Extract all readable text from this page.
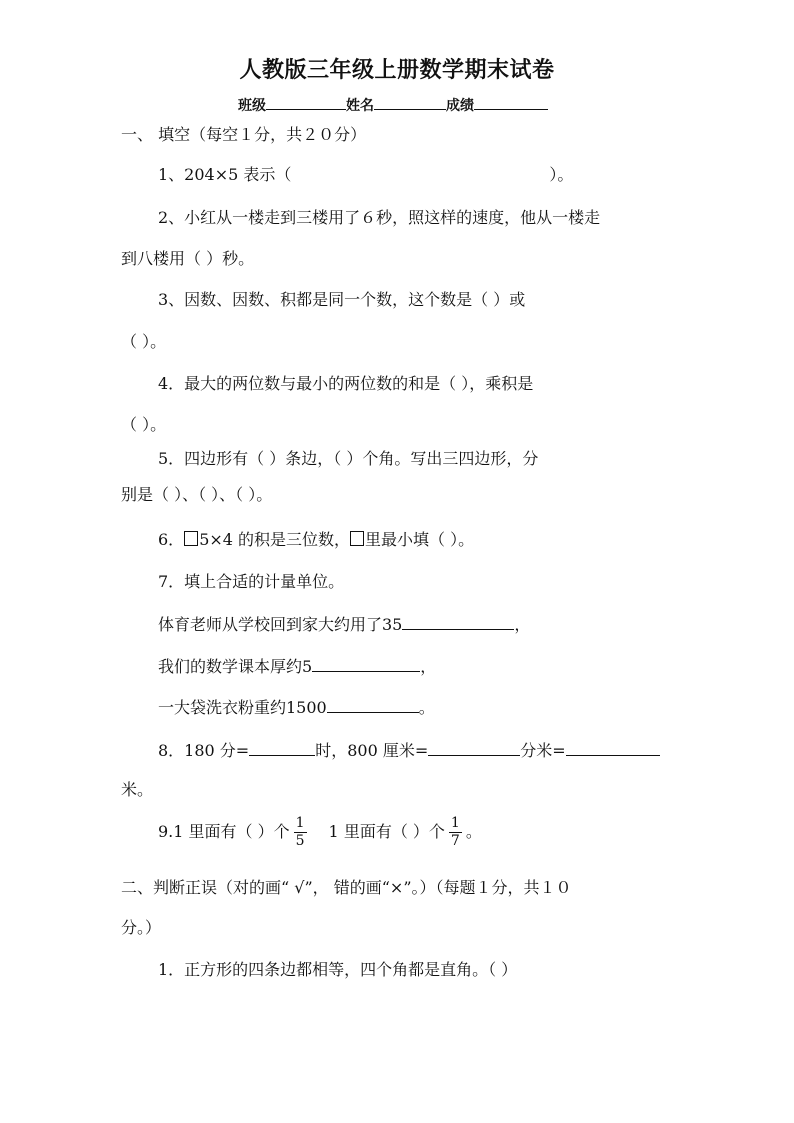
人教版三年级上册数学期末试卷
班级	姓名	成绩
一、 填空（每空１分，共２０分）
1、204×5 表示（	）。
2、小红从一楼走到三楼用了６秒，照这样的速度，他从一楼走
到八楼用（ ）秒。
3、因数、因数、积都是同一个数，这个数是（ ）或
（ ）。
4．最大的两位数与最小的两位数的和是（ ），乘积是
（ ）。
5．四边形有（ ）条边，（ ）个角。写出三四边形，分
别是（ ）、（ ）、（ ）。
6． 5×4 的积是三位数， 里最小填（ ）。
7．填上合适的计量单位。
体育老师从学校回到家大约用了35	，
我们的数学课本厚约5	，
一大袋洗衣粉重约1500	。
8．180 分=	时，800 厘米=	分米=
米。
9.1 里面有（ ）个 $\frac{1}{5} 1$ 里面有（ ）个 $\frac{1}{7}$ 。
二、判断正误（对的画“ √”， 错的画“×”。）（每题１分，共１０
分。）
1．正方形的四条边都相等，四个角都是直角。（ ）
